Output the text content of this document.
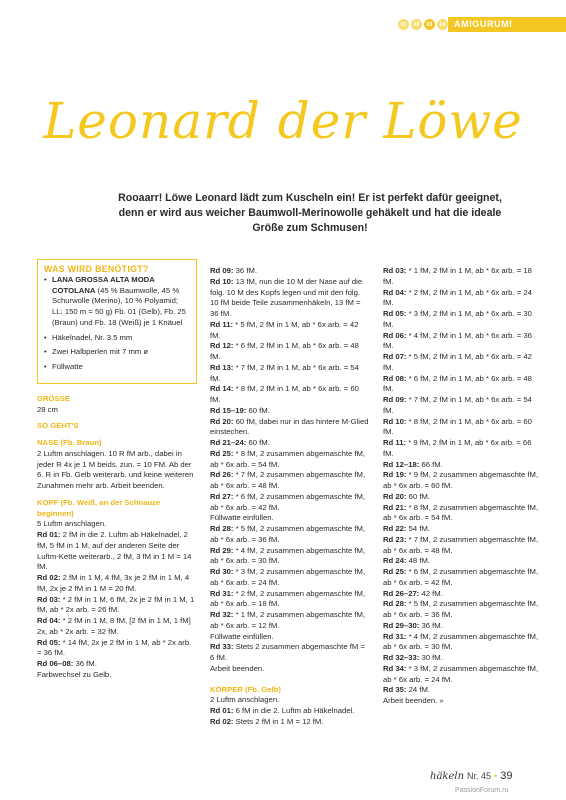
01	02	03	04 AMIGURUMI
Leonard der Löwe

Rooaarr! Löwe Leonard lädt zum Kuscheln ein! Er ist perfekt dafür geeignet, denn er wird aus weicher Baumwoll-Merinowolle gehäkelt und hat die ideale Größe zum Schmusen!

WAS WIRD BENÖTIGT?

• LANA GROSSA ALTA MODA COTOLANA (45 % Baumwolle, 45 % Schurwolle (Merino), 10 % Polyamid; LL: 150 m = 50 g) Fb. 01 (Gelb), Fb. 25 (Braun) und Fb. 18 (Weiß) je 1 Knäuel
• Häkelnadel, Nr. 3.5 mm
• Zwei Halbperlen mit 7 mm ø
• Füllwatte

GRÖSSE

28 cm

SO GEHT'S

NASE (Fb. Braun)

2 Luftm anschlagen. 10 R fM arb., dabei in jeder R 4x je 1 M beids. zun. = 10 FM. Ab der 6. R in Fb. Gelb weiterarb. und keine weiteren Zunahmen mehr arb. Arbeit beenden.

KOPF (Fb. Weiß, an der Schnauze beginnen)

5 Luftm anschlagen.

Rd 01: 2 fM in die 2. Luftm ab Häkelnadel, 2 fM, 5 fM in 1 M, auf der anderen Seite der Luftm-Kette weiterarb., 2 fM, 3 fM in 1 M = 14 fM.

Rd 02: 2 fM in 1 M, 4 fM, 3x je 2 fM in 1 M, 4 fM, 2x je 2 fM in 1 M = 20 fM.

Rd 03: * 2 fM in 1 M, 6 fM, 2x je 2 fM in 1 M, 1 fM, ab * 2x arb. = 26 fM.

Rd 04: * 2 fM in 1 M, 8 fM, [2 fM in 1 M, 1 fM] 2x, ab * 2x arb. = 32 fM.

Rd 05: * 14 fM, 2x je 2 fM in 1 M, ab * 2x arb. = 36 fM.

Rd 06–08: 36 fM.

Farbwechsel zu Gelb.

Rd 09: 36 fM.

Rd 10: 13 fM, nun die 10 M der Nase auf die folg. 10 M des Kopfs legen und mit den folg. 10 fM beide Teile zusammenhäkeln, 13 fM = 36 fM.

Rd 11: * 5 fM, 2 fM in 1 M, ab * 6x arb. = 42 fM.

Rd 12: * 6 fM, 2 fM in 1 M, ab * 6x arb. = 48 fM.

Rd 13: * 7 fM, 2 fM in 1 M, ab * 6x arb. = 54 fM.

Rd 14: * 8 fM, 2 fM in 1 M, ab * 6x arb. = 60 fM.

Rd 15–19: 60 fM.

Rd 20: 60 fM, dabei nur in das hintere M-Glied einstechen.

Rd 21–24: 60 fM.

Rd 25: * 8 fM, 2 zusammen abgemaschte fM, ab * 6x arb. = 54 fM.

Rd 26: * 7 fM, 2 zusammen abgemaschte fM, ab * 6x arb. = 48 fM.

Rd 27: * 6 fM, 2 zusammen abgemaschte fM, ab * 6x arb. = 42 fM.

Füllwatte einfüllen.

Rd 28: * 5 fM, 2 zusammen abgemaschte fM, ab * 6x arb. = 36 fM.

Rd 29: * 4 fM, 2 zusammen abgemaschte fM, ab * 6x arb. = 30 fM.

Rd 30: * 3 fM, 2 zusammen abgemaschte fM, ab * 6x arb. = 24 fM.

Rd 31: * 2 fM, 2 zusammen abgemaschte fM, ab * 6x arb. = 18 fM.

Rd 32: * 1 fM, 2 zusammen abgemaschte fM, ab * 6x arb. = 12 fM.

Füllwatte einfüllen.

Rd 33: Stets 2 zusammen abgemaschte fM = 6 fM.

Arbeit beenden.

KÖRPER (Fb. Gelb)

2 Luftm anschlagen.

Rd 01: 6 fM in die 2. Luftm ab Häkelnadel.

Rd 02: Stets 2 fM in 1 M = 12 fM.

Rd 03: * 1 fM, 2 fM in 1 M, ab * 6x arb. = 18 fM.

Rd 04: * 2 fM, 2 fM in 1 M, ab * 6x arb. = 24 fM.

Rd 05: * 3 fM, 2 fM in 1 M, ab * 6x arb. = 30 fM.

Rd 06: * 4 fM, 2 fM in 1 M, ab * 6x arb. = 36 fM.

Rd 07: * 5 fM, 2 fM in 1 M, ab * 6x arb. = 42 fM.

Rd 08: * 6 fM, 2 fM in 1 M, ab * 6x arb. = 48 fM.

Rd 09: * 7 fM, 2 fM in 1 M, ab * 6x arb. = 54 fM.

Rd 10: * 8 fM, 2 fM in 1 M, ab * 6x arb. = 60 fM.

Rd 11: * 9 fM, 2 fM in 1 M, ab * 6x arb. = 66 fM.

Rd 12–18: 66 fM.

Rd 19: * 9 fM, 2 zusammen abgemaschte fM, ab * 6x arb. = 60 fM.

Rd 20: 60 fM.

Rd 21: * 8 fM, 2 zusammen abgemaschte fM, ab * 6x arb. = 54 fM.

Rd 22: 54 fM.

Rd 23: * 7 fM, 2 zusammen abgemaschte fM, ab * 6x arb. = 48 fM.

Rd 24: 48 fM.

Rd 25: * 6 fM, 2 zusammen abgemaschte fM, ab * 6x arb. = 42 fM.

Rd 26–27: 42 fM.

Rd 28: * 5 fM, 2 zusammen abgemaschte fM, ab * 6x arb. = 36 fM.

Rd 29–30: 36 fM.

Rd 31: * 4 fM, 2 zusammen abgemaschte fM, ab * 6x arb. = 30 fM.

Rd 32–33: 30 fM.

Rd 34: * 3 fM, 2 zusammen abgemaschte fM, ab * 6x arb. = 24 fM.

Rd 35: 24 fM.

Arbeit beenden. »

häkeln Nr. 45 • 39
PassionForum.ru
